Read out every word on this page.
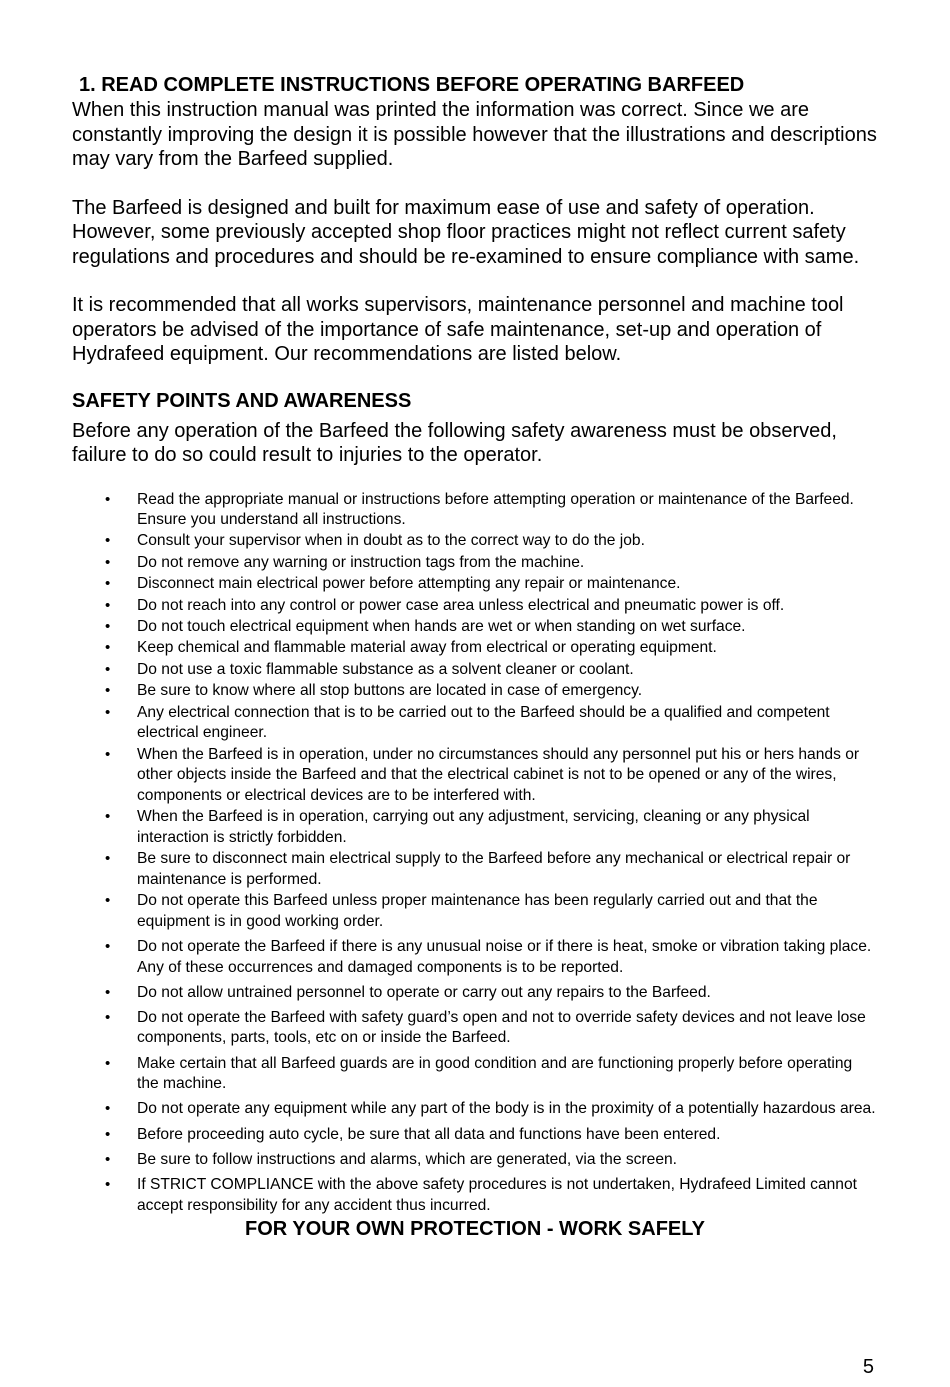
1. READ COMPLETE INSTRUCTIONS BEFORE OPERATING BARFEED

When this instruction manual was printed the information was correct. Since we are constantly improving the design it is possible however that the illustrations and descriptions may vary from the Barfeed supplied.

The Barfeed is designed and built for maximum ease of use and safety of operation. However, some previously accepted shop floor practices might not reflect current safety regulations and procedures and should be re-examined to ensure compliance with same.

It is recommended that all works supervisors, maintenance personnel and machine tool operators be advised of the importance of safe maintenance, set-up and operation of Hydrafeed equipment. Our recommendations are listed below.

SAFETY POINTS AND AWARENESS

Before any operation of the Barfeed the following safety awareness must be observed, failure to do so could result to injuries to the operator.

• Read the appropriate manual or instructions before attempting operation or maintenance of the Barfeed. Ensure you understand all instructions.
• Consult your supervisor when in doubt as to the correct way to do the job.
• Do not remove any warning or instruction tags from the machine.
• Disconnect main electrical power before attempting any repair or maintenance.
• Do not reach into any control or power case area unless electrical and pneumatic power is off.
• Do not touch electrical equipment when hands are wet or when standing on wet surface.
• Keep chemical and flammable material away from electrical or operating equipment.
• Do not use a toxic flammable substance as a solvent cleaner or coolant.
• Be sure to know where all stop buttons are located in case of emergency.
• Any electrical connection that is to be carried out to the Barfeed should be a qualified and competent electrical engineer.
• When the Barfeed is in operation, under no circumstances should any personnel put his or hers hands or other objects inside the Barfeed and that the electrical cabinet is not to be opened or any of the wires, components or electrical devices are to be interfered with.
• When the Barfeed is in operation, carrying out any adjustment, servicing, cleaning or any physical interaction is strictly forbidden.
• Be sure to disconnect main electrical supply to the Barfeed before any mechanical or electrical repair or maintenance is performed.
• Do not operate this Barfeed unless proper maintenance has been regularly carried out and that the equipment is in good working order.
• Do not operate the Barfeed if there is any unusual noise or if there is heat, smoke or vibration taking place. Any of these occurrences and damaged components is to be reported.
• Do not allow untrained personnel to operate or carry out any repairs to the Barfeed.
• Do not operate the Barfeed with safety guard’s open and not to override safety devices and not leave lose components, parts, tools, etc on or inside the Barfeed.
• Make certain that all Barfeed guards are in good condition and are functioning properly before operating the machine.
• Do not operate any equipment while any part of the body is in the proximity of a potentially hazardous area.
• Before proceeding auto cycle, be sure that all data and functions have been entered.
• Be sure to follow instructions and alarms, which are generated, via the screen.
• If STRICT COMPLIANCE with the above safety procedures is not undertaken, Hydrafeed Limited cannot accept responsibility for any accident thus incurred.
FOR YOUR OWN PROTECTION - WORK SAFELY
5
